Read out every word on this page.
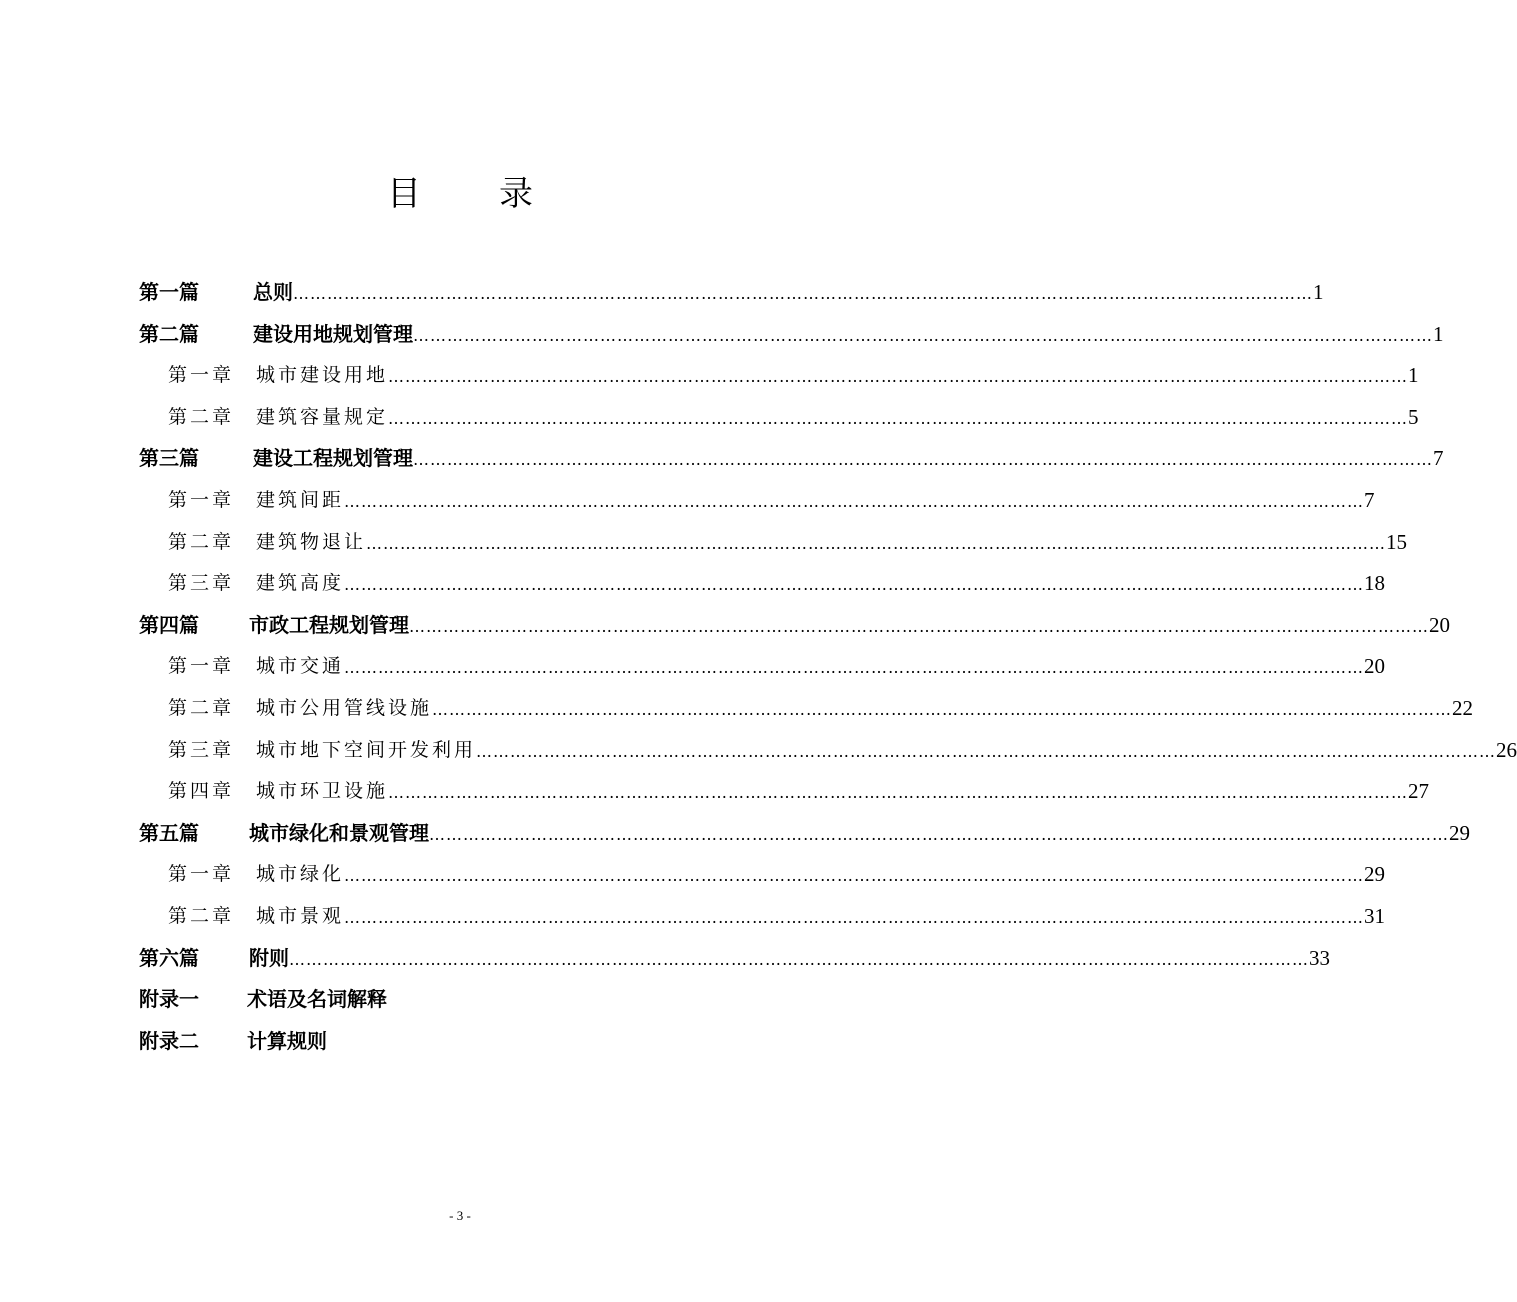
目 录
第一篇	总则 ……………………………………………………………………………………………………………………………………………………………… 1
第二篇	建设用地规划管理 ……………………………………………………………………………………………………………………………………………………………… 1
第一章 城市建设用地 ……………………………………………………………………………………………………………………………………………………………… 1
第二章 建筑容量规定 ……………………………………………………………………………………………………………………………………………………………… 5
第三篇	建设工程规划管理 ……………………………………………………………………………………………………………………………………………………………… 7
第一章 建筑间距 ……………………………………………………………………………………………………………………………………………………………… 7
第二章 建筑物退让 ……………………………………………………………………………………………………………………………………………………………… 15
第三章 建筑高度 ……………………………………………………………………………………………………………………………………………………………… 18
第四篇	市政工程规划管理 ……………………………………………………………………………………………………………………………………………………………… 20
第一章 城市交通 ……………………………………………………………………………………………………………………………………………………………… 20
第二章 城市公用管线设施 ……………………………………………………………………………………………………………………………………………………………… 22
第三章 城市地下空间开发利用 ……………………………………………………………………………………………………………………………………………………………… 26
第四章 城市环卫设施 ……………………………………………………………………………………………………………………………………………………………… 27
第五篇	城市绿化和景观管理 ……………………………………………………………………………………………………………………………………………………………… 29
第一章 城市绿化 ……………………………………………………………………………………………………………………………………………………………… 29
第二章 城市景观 ……………………………………………………………………………………………………………………………………………………………… 31
第六篇	附则 ……………………………………………………………………………………………………………………………………………………………… 33
附录一 术语及名词解释
附录二 计算规则
- 3 -
